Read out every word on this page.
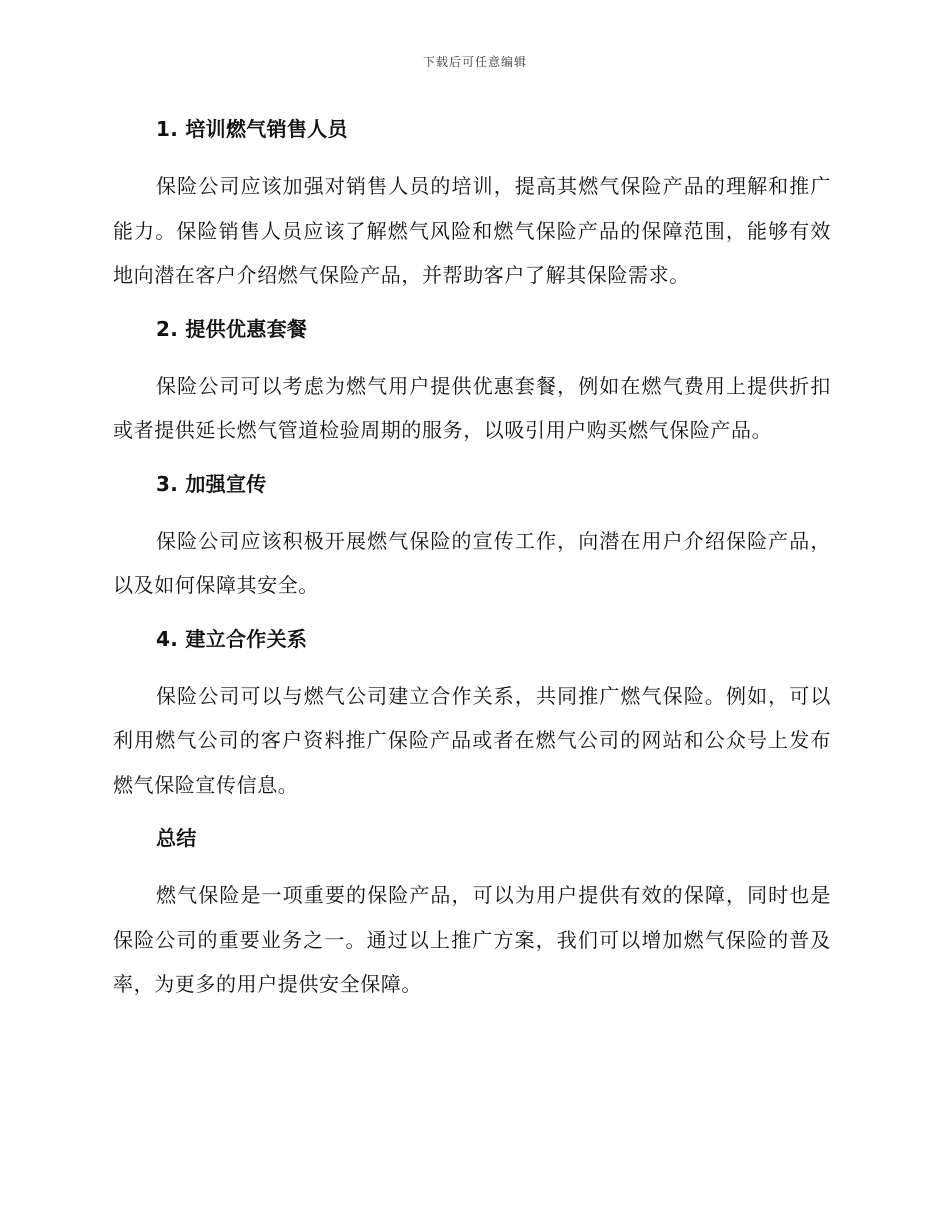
下载后可任意编辑
1. 培训燃气销售人员

保险公司应该加强对销售人员的培训，提高其燃气保险产品的理解和推广能力。保险销售人员应该了解燃气风险和燃气保险产品的保障范围，能够有效地向潜在客户介绍燃气保险产品，并帮助客户了解其保险需求。

2. 提供优惠套餐

保险公司可以考虑为燃气用户提供优惠套餐，例如在燃气费用上提供折扣或者提供延长燃气管道检验周期的服务，以吸引用户购买燃气保险产品。

3. 加强宣传

保险公司应该积极开展燃气保险的宣传工作，向潜在用户介绍保险产品，以及如何保障其安全。

4. 建立合作关系

保险公司可以与燃气公司建立合作关系，共同推广燃气保险。例如，可以利用燃气公司的客户资料推广保险产品或者在燃气公司的网站和公众号上发布燃气保险宣传信息。

总结

燃气保险是一项重要的保险产品，可以为用户提供有效的保障，同时也是保险公司的重要业务之一。通过以上推广方案，我们可以增加燃气保险的普及率，为更多的用户提供安全保障。
